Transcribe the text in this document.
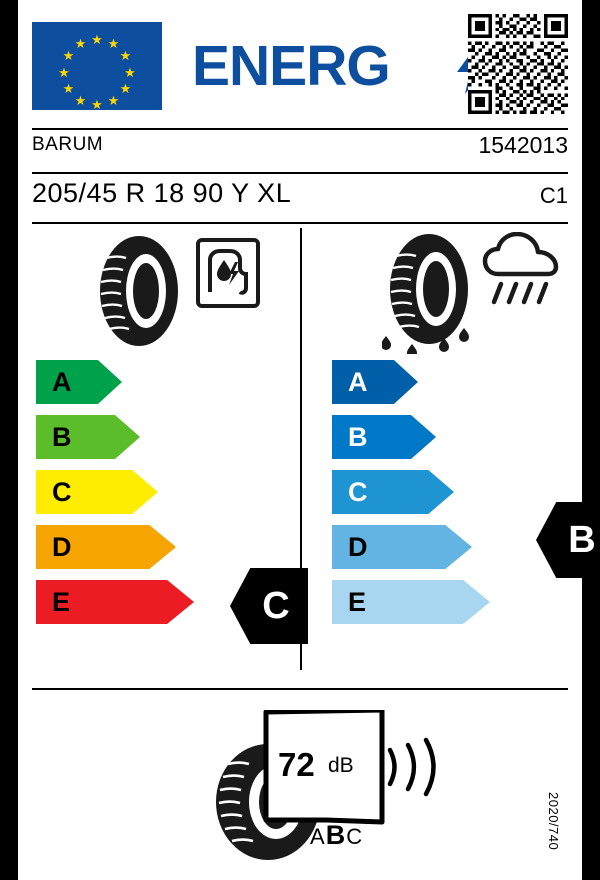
★ ★
★
★
★
★
★
★
★
★
★
★ ENERG
BARUM	1542013
205/45 R 18 90 Y XL	C1
A
B
C
D
E
A
B
C
D
E
C
B
72 dB
ABC	2020/740
